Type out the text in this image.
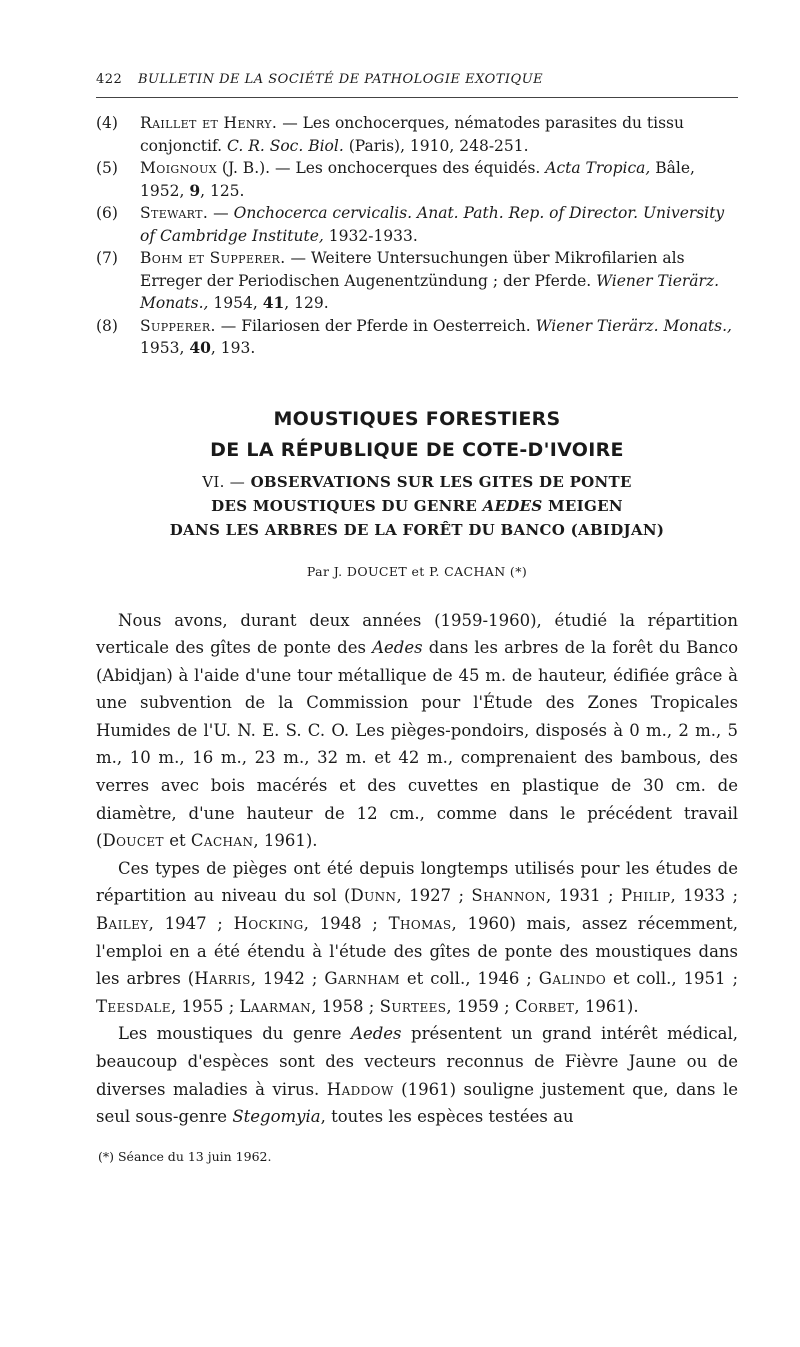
422	BULLETIN DE LA SOCIÉTÉ DE PATHOLOGIE EXOTIQUE
(4) Raillet et Henry. — Les onchocerques, nématodes parasites du tissu conjonctif. C. R. Soc. Biol. (Paris), 1910, 248-251.
(5) Moignoux (J. B.). — Les onchocerques des équidés. Acta Tropica, Bâle, 1952, 9, 125.
(6) Stewart. — Onchocerca cervicalis. Anat. Path. Rep. of Director. University of Cambridge Institute, 1932-1933.
(7) Bohm et Supperer. — Weitere Untersuchungen über Mikrofilarien als Erreger der Periodischen Augenentzündung ; der Pferde. Wiener Tierärz. Monats., 1954, 41, 129.
(8) Supperer. — Filariosen der Pferde in Oesterreich. Wiener Tierärz. Monats., 1953, 40, 193.
MOUSTIQUES FORESTIERS
DE LA RÉPUBLIQUE DE COTE-D'IVOIRE
VI. — OBSERVATIONS SUR LES GITES DE PONTE
DES MOUSTIQUES DU GENRE AEDES MEIGEN
DANS LES ARBRES DE LA FORÊT DU BANCO (ABIDJAN)
Par J. DOUCET et P. CACHAN (*)

Nous avons, durant deux années (1959-1960), étudié la répartition verticale des gîtes de ponte des Aedes dans les arbres de la forêt du Banco (Abidjan) à l'aide d'une tour métallique de 45 m. de hauteur, édifiée grâce à une subvention de la Commission pour l'Étude des Zones Tropicales Humides de l'U. N. E. S. C. O. Les pièges-pondoirs, disposés à 0 m., 2 m., 5 m., 10 m., 16 m., 23 m., 32 m. et 42 m., comprenaient des bambous, des verres avec bois macérés et des cuvettes en plastique de 30 cm. de diamètre, d'une hauteur de 12 cm., comme dans le précédent travail (Doucet et Cachan, 1961).

Ces types de pièges ont été depuis longtemps utilisés pour les études de répartition au niveau du sol (Dunn, 1927 ; Shannon, 1931 ; Philip, 1933 ; Bailey, 1947 ; Hocking, 1948 ; Thomas, 1960) mais, assez récemment, l'emploi en a été étendu à l'étude des gîtes de ponte des moustiques dans les arbres (Harris, 1942 ; Garnham et coll., 1946 ; Galindo et coll., 1951 ; Teesdale, 1955 ; Laarman, 1958 ; Surtees, 1959 ; Corbet, 1961).

Les moustiques du genre Aedes présentent un grand intérêt médical, beaucoup d'espèces sont des vecteurs reconnus de Fièvre Jaune ou de diverses maladies à virus. Haddow (1961) souligne justement que, dans le seul sous-genre Stegomyia, toutes les espèces testées au

(*) Séance du 13 juin 1962.
